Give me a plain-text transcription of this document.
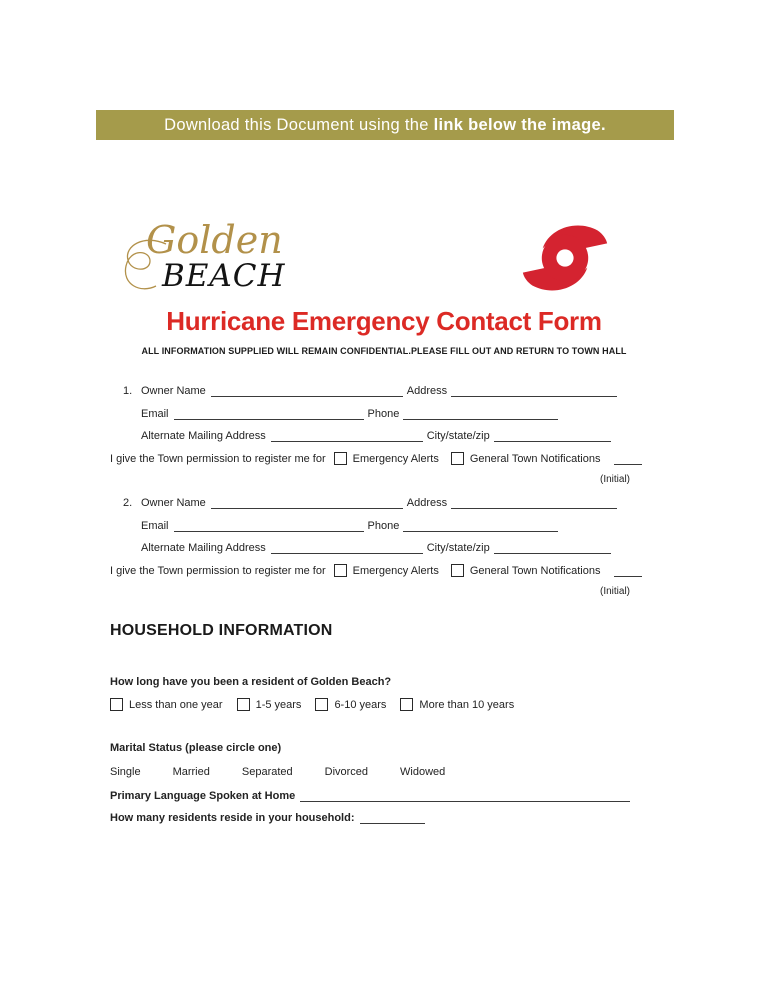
Download this Document using the link below the image.
Golden
BEACH
Hurricane Emergency Contact Form
ALL INFORMATION SUPPLIED WILL REMAIN CONFIDENTIAL.PLEASE FILL OUT AND RETURN TO TOWN HALL
1. Owner Name	Address
Email	Phone
Alternate Mailing Address	City/state/zip
I give the Town permission to register me for Emergency Alerts	General Town Notifications
(Initial)
2. Owner Name	Address
Email	Phone
Alternate Mailing Address	City/state/zip
I give the Town permission to register me for Emergency Alerts	General Town Notifications
(Initial)
HOUSEHOLD INFORMATION
How long have you been a resident of Golden Beach?
Less than one year	1-5 years	6-10 years	More than 10 years
Marital Status (please circle one)
Single	Married	Separated	Divorced	Widowed
Primary Language Spoken at Home
How many residents reside in your household:
